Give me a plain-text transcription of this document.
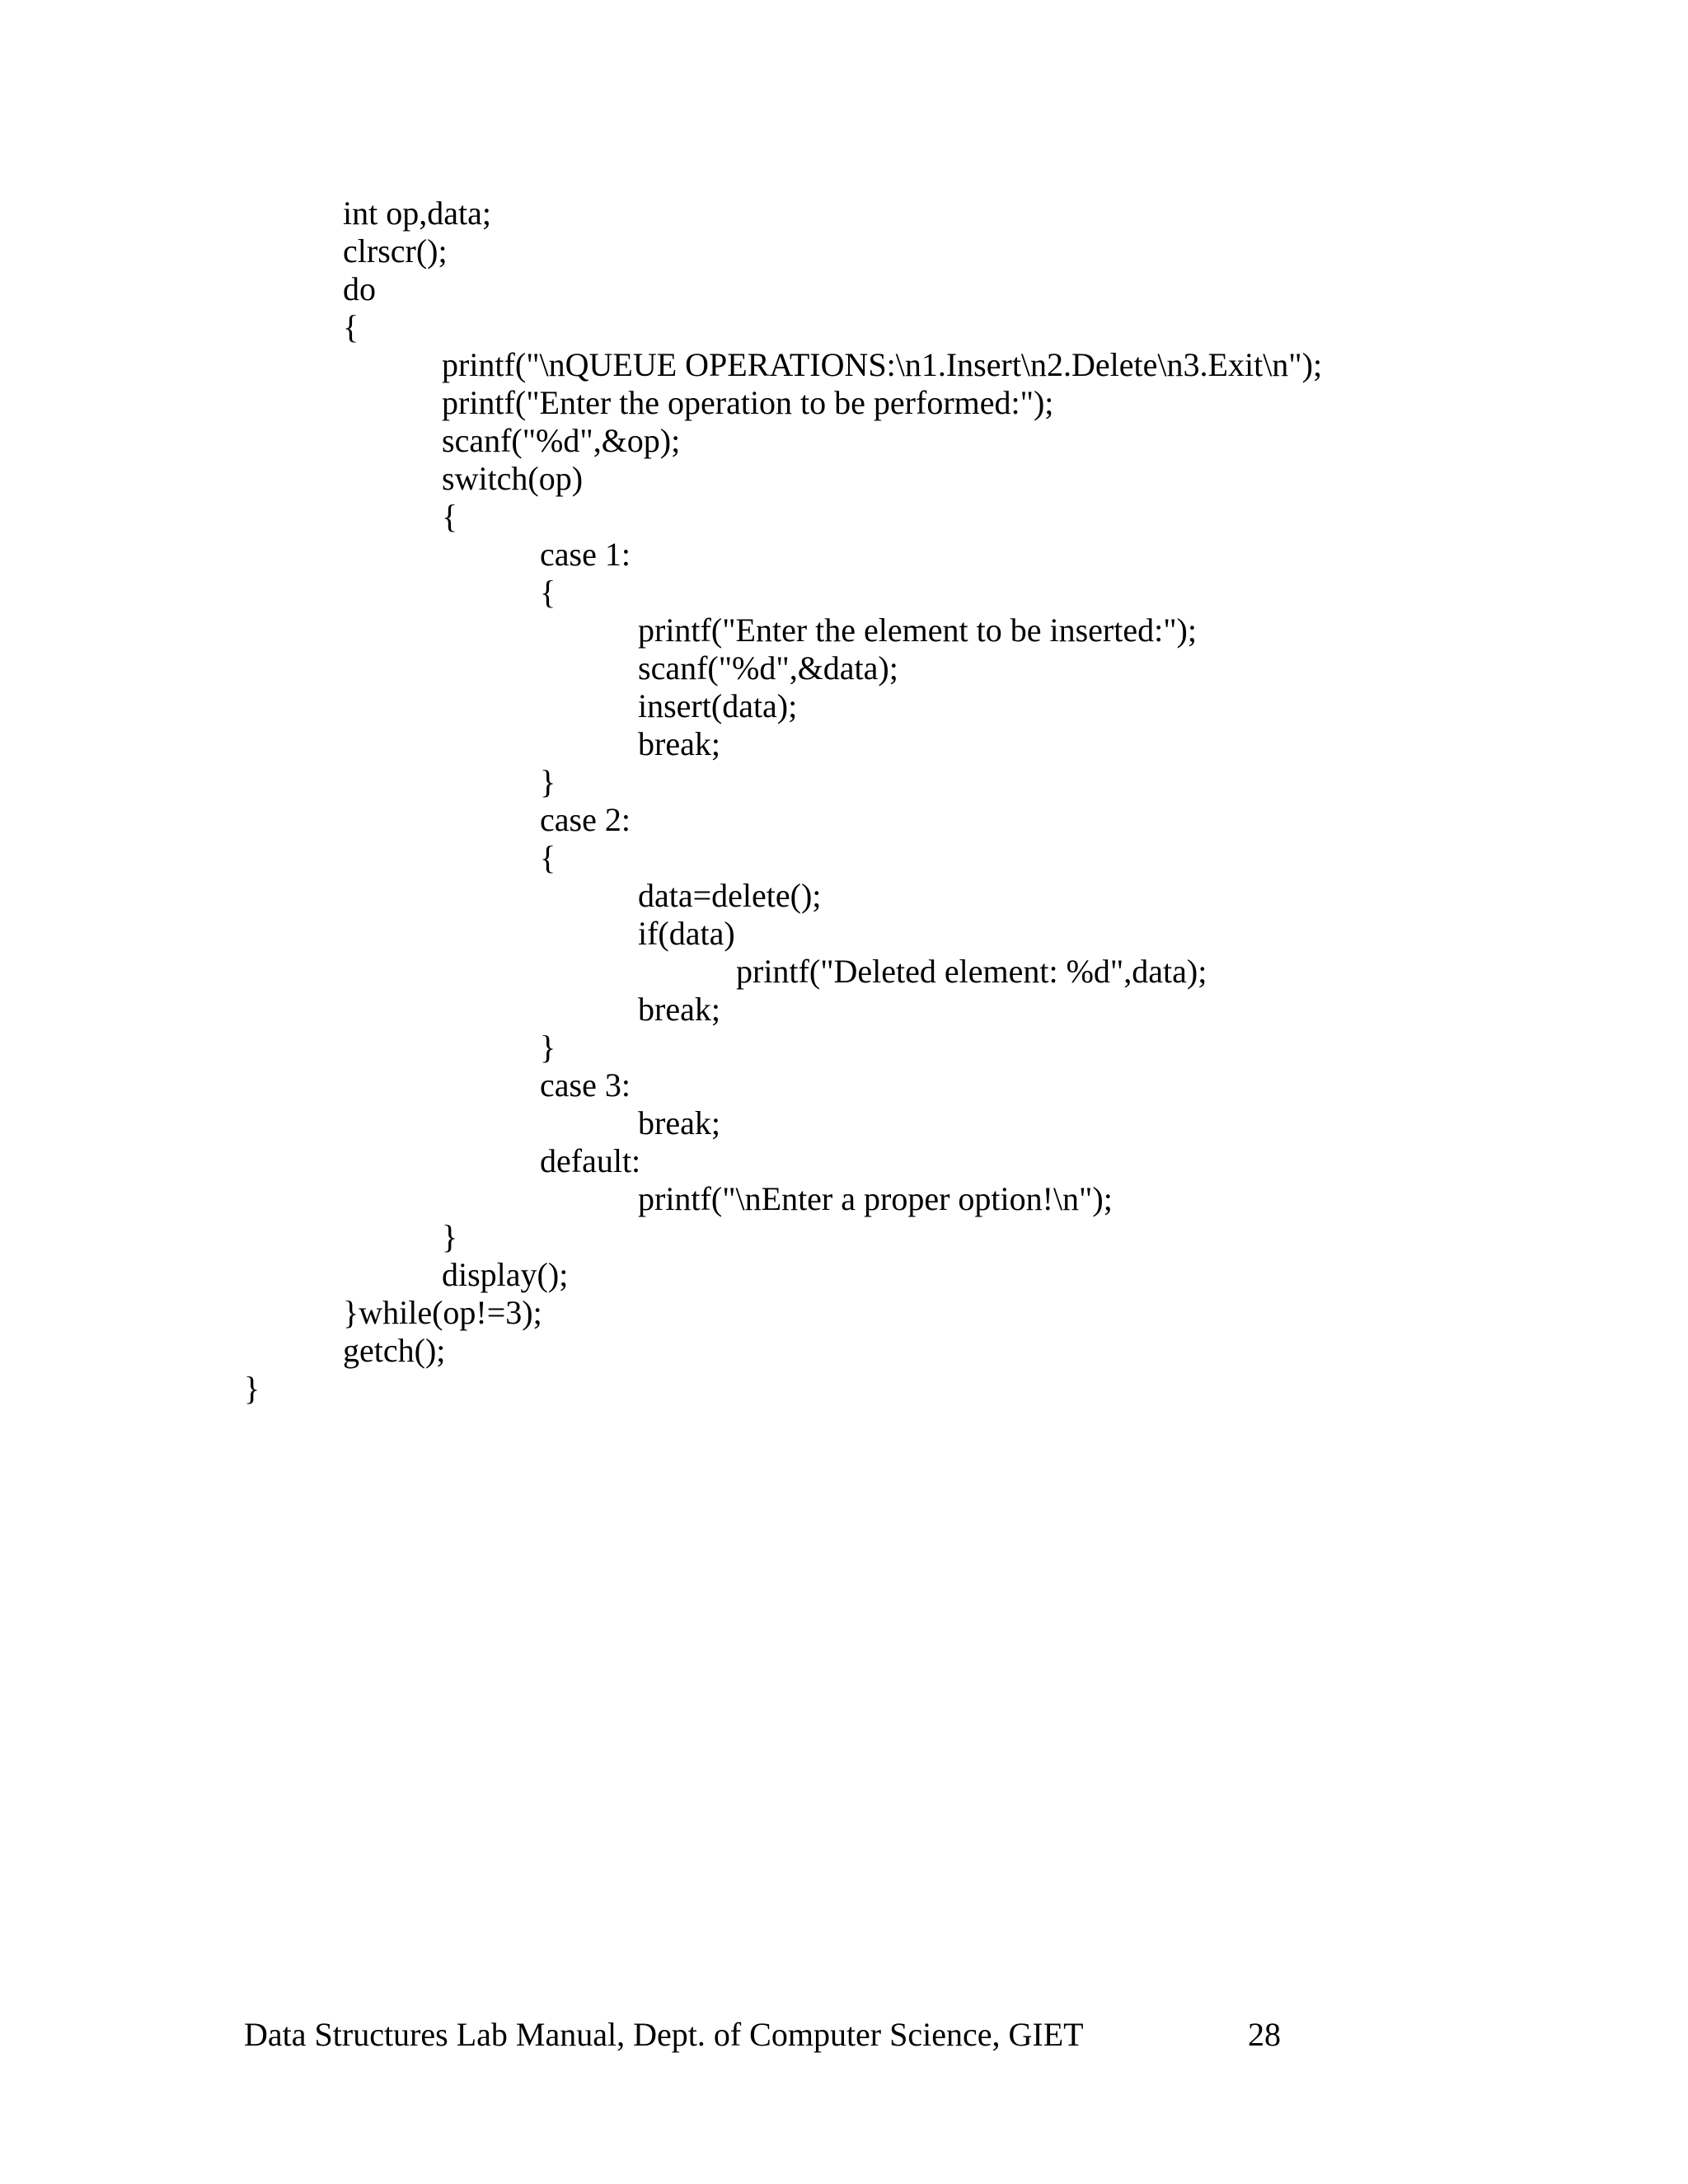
int op,data;
clrscr();
do
{
printf("\nQUEUE OPERATIONS:\n1.Insert\n2.Delete\n3.Exit\n");
printf("Enter the operation to be performed:");
scanf("%d",&op);
switch(op)
{
case 1:
{
printf("Enter the element to be inserted:");
scanf("%d",&data);
insert(data);
break;
}
case 2:
{
data=delete();
if(data)
printf("Deleted element: %d",data);
break;
}
case 3:
break;
default:
printf("\nEnter a proper option!\n");
}
display();
}while(op!=3);
getch();
}
Data Structures Lab Manual, Dept. of Computer Science, GIET	28
